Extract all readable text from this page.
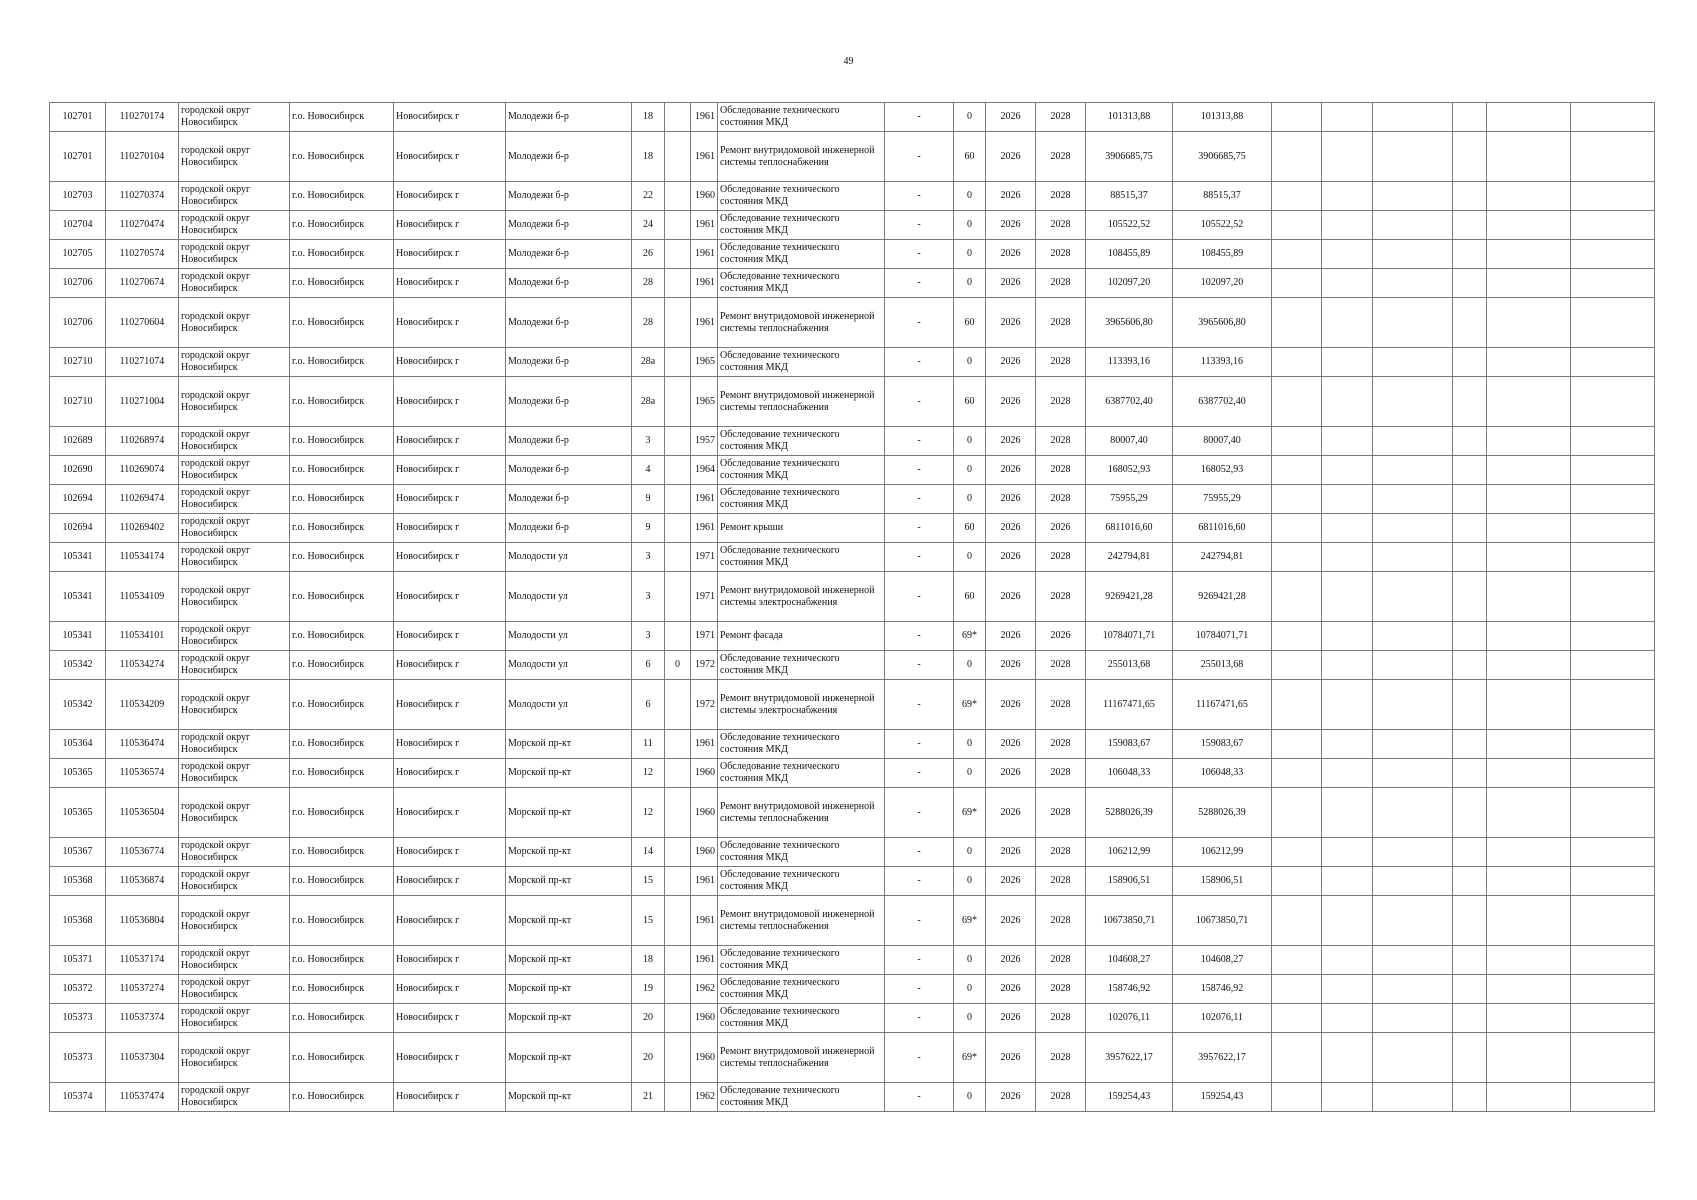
49
102701	110270174	городской округ Новосибирск	г.о. Новосибирск	Новосибирск г	Молодежи б-р	18		1961	Обследование технического состояния МКД	-	0	2026	2028	101313,88	101313,88						
102701	110270104	городской округ Новосибирск	г.о. Новосибирск	Новосибирск г	Молодежи б-р	18		1961	Ремонт внутридомовой инженерной системы теплоснабжения	-	60	2026	2028	3906685,75	3906685,75						
102703	110270374	городской округ Новосибирск	г.о. Новосибирск	Новосибирск г	Молодежи б-р	22		1960	Обследование технического состояния МКД	-	0	2026	2028	88515,37	88515,37						
102704	110270474	городской округ Новосибирск	г.о. Новосибирск	Новосибирск г	Молодежи б-р	24		1961	Обследование технического состояния МКД	-	0	2026	2028	105522,52	105522,52						
102705	110270574	городской округ Новосибирск	г.о. Новосибирск	Новосибирск г	Молодежи б-р	26		1961	Обследование технического состояния МКД	-	0	2026	2028	108455,89	108455,89						
102706	110270674	городской округ Новосибирск	г.о. Новосибирск	Новосибирск г	Молодежи б-р	28		1961	Обследование технического состояния МКД	-	0	2026	2028	102097,20	102097,20						
102706	110270604	городской округ Новосибирск	г.о. Новосибирск	Новосибирск г	Молодежи б-р	28		1961	Ремонт внутридомовой инженерной системы теплоснабжения	-	60	2026	2028	3965606,80	3965606,80						
102710	110271074	городской округ Новосибирск	г.о. Новосибирск	Новосибирск г	Молодежи б-р	28а		1965	Обследование технического состояния МКД	-	0	2026	2028	113393,16	113393,16						
102710	110271004	городской округ Новосибирск	г.о. Новосибирск	Новосибирск г	Молодежи б-р	28а		1965	Ремонт внутридомовой инженерной системы теплоснабжения	-	60	2026	2028	6387702,40	6387702,40						
102689	110268974	городской округ Новосибирск	г.о. Новосибирск	Новосибирск г	Молодежи б-р	3		1957	Обследование технического состояния МКД	-	0	2026	2028	80007,40	80007,40						
102690	110269074	городской округ Новосибирск	г.о. Новосибирск	Новосибирск г	Молодежи б-р	4		1964	Обследование технического состояния МКД	-	0	2026	2028	168052,93	168052,93						
102694	110269474	городской округ Новосибирск	г.о. Новосибирск	Новосибирск г	Молодежи б-р	9		1961	Обследование технического состояния МКД	-	0	2026	2028	75955,29	75955,29						
102694	110269402	городской округ Новосибирск	г.о. Новосибирск	Новосибирск г	Молодежи б-р	9		1961	Ремонт крыши	-	60	2026	2026	6811016,60	6811016,60						
105341	110534174	городской округ Новосибирск	г.о. Новосибирск	Новосибирск г	Молодости ул	3		1971	Обследование технического состояния МКД	-	0	2026	2028	242794,81	242794,81						
105341	110534109	городской округ Новосибирск	г.о. Новосибирск	Новосибирск г	Молодости ул	3		1971	Ремонт внутридомовой инженерной системы электроснабжения	-	60	2026	2028	9269421,28	9269421,28						
105341	110534101	городской округ Новосибирск	г.о. Новосибирск	Новосибирск г	Молодости ул	3		1971	Ремонт фасада	-	69*	2026	2026	10784071,71	10784071,71						
105342	110534274	городской округ Новосибирск	г.о. Новосибирск	Новосибирск г	Молодости ул	6	0	1972	Обследование технического состояния МКД	-	0	2026	2028	255013,68	255013,68						
105342	110534209	городской округ Новосибирск	г.о. Новосибирск	Новосибирск г	Молодости ул	6		1972	Ремонт внутридомовой инженерной системы электроснабжения	-	69*	2026	2028	11167471,65	11167471,65						
105364	110536474	городской округ Новосибирск	г.о. Новосибирск	Новосибирск г	Морской пр-кт	11		1961	Обследование технического состояния МКД	-	0	2026	2028	159083,67	159083,67						
105365	110536574	городской округ Новосибирск	г.о. Новосибирск	Новосибирск г	Морской пр-кт	12		1960	Обследование технического состояния МКД	-	0	2026	2028	106048,33	106048,33						
105365	110536504	городской округ Новосибирск	г.о. Новосибирск	Новосибирск г	Морской пр-кт	12		1960	Ремонт внутридомовой инженерной системы теплоснабжения	-	69*	2026	2028	5288026,39	5288026,39						
105367	110536774	городской округ Новосибирск	г.о. Новосибирск	Новосибирск г	Морской пр-кт	14		1960	Обследование технического состояния МКД	-	0	2026	2028	106212,99	106212,99						
105368	110536874	городской округ Новосибирск	г.о. Новосибирск	Новосибирск г	Морской пр-кт	15		1961	Обследование технического состояния МКД	-	0	2026	2028	158906,51	158906,51						
105368	110536804	городской округ Новосибирск	г.о. Новосибирск	Новосибирск г	Морской пр-кт	15		1961	Ремонт внутридомовой инженерной системы теплоснабжения	-	69*	2026	2028	10673850,71	10673850,71						
105371	110537174	городской округ Новосибирск	г.о. Новосибирск	Новосибирск г	Морской пр-кт	18		1961	Обследование технического состояния МКД	-	0	2026	2028	104608,27	104608,27						
105372	110537274	городской округ Новосибирск	г.о. Новосибирск	Новосибирск г	Морской пр-кт	19		1962	Обследование технического состояния МКД	-	0	2026	2028	158746,92	158746,92						
105373	110537374	городской округ Новосибирск	г.о. Новосибирск	Новосибирск г	Морской пр-кт	20		1960	Обследование технического состояния МКД	-	0	2026	2028	102076,11	102076,11						
105373	110537304	городской округ Новосибирск	г.о. Новосибирск	Новосибирск г	Морской пр-кт	20		1960	Ремонт внутридомовой инженерной системы теплоснабжения	-	69*	2026	2028	3957622,17	3957622,17						
105374	110537474	городской округ Новосибирск	г.о. Новосибирск	Новосибирск г	Морской пр-кт	21		1962	Обследование технического состояния МКД	-	0	2026	2028	159254,43	159254,43						
